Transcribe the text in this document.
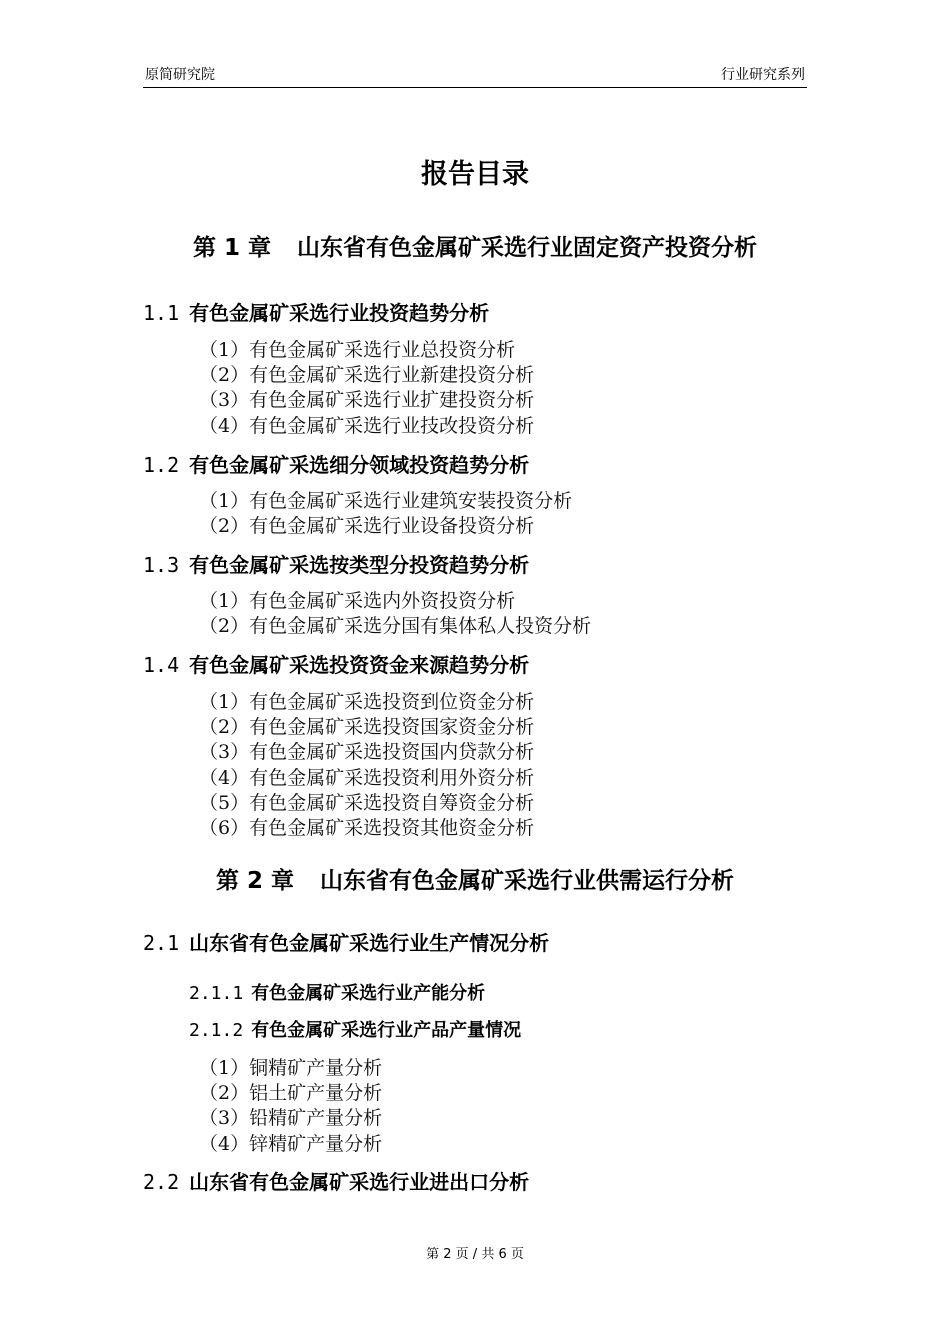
原简研究院	行业研究系列
报告目录
第 1 章 山东省有色金属矿采选行业固定资产投资分析
1.1 有色金属矿采选行业投资趋势分析
（1）有色金属矿采选行业总投资分析
（2）有色金属矿采选行业新建投资分析
（3）有色金属矿采选行业扩建投资分析
（4）有色金属矿采选行业技改投资分析
1.2 有色金属矿采选细分领域投资趋势分析
（1）有色金属矿采选行业建筑安装投资分析
（2）有色金属矿采选行业设备投资分析
1.3 有色金属矿采选按类型分投资趋势分析
（1）有色金属矿采选内外资投资分析
（2）有色金属矿采选分国有集体私人投资分析
1.4 有色金属矿采选投资资金来源趋势分析
（1）有色金属矿采选投资到位资金分析
（2）有色金属矿采选投资国家资金分析
（3）有色金属矿采选投资国内贷款分析
（4）有色金属矿采选投资利用外资分析
（5）有色金属矿采选投资自筹资金分析
（6）有色金属矿采选投资其他资金分析
第 2 章 山东省有色金属矿采选行业供需运行分析
2.1 山东省有色金属矿采选行业生产情况分析
2.1.1 有色金属矿采选行业产能分析
2.1.2 有色金属矿采选行业产品产量情况
（1）铜精矿产量分析
（2）铝土矿产量分析
（3）铅精矿产量分析
（4）锌精矿产量分析
2.2 山东省有色金属矿采选行业进出口分析
第 2 页 / 共 6 页
